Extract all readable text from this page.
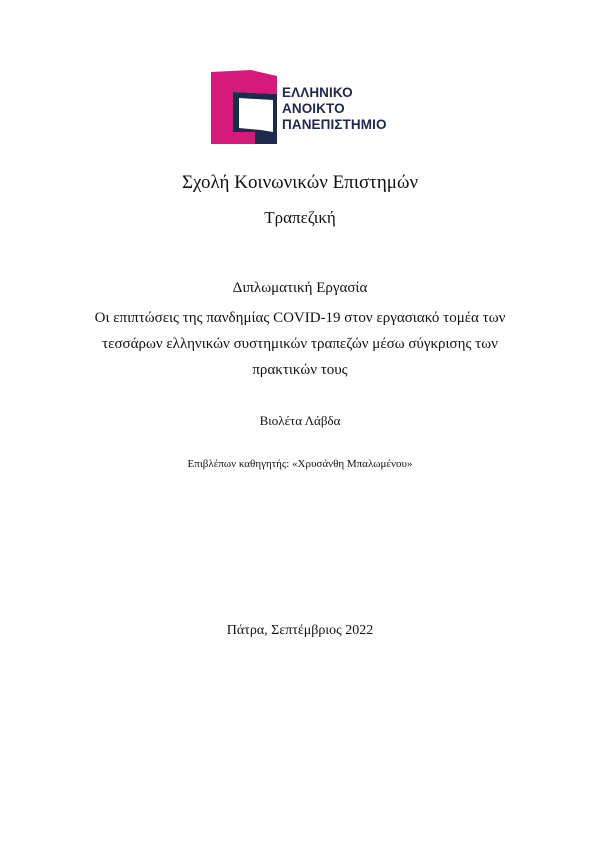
ΕΛΛΗΝΙΚΟ
ΑΝΟΙΚΤΟ
ΠΑΝΕΠΙΣΤΗΜΙΟ
Σχολή Κοινωνικών Επιστημών
Τραπεζική
Διπλωματική Εργασία
Οι επιπτώσεις της πανδημίας COVID-19 στον εργασιακό τομέα των τεσσάρων ελληνικών συστημικών τραπεζών μέσω σύγκρισης των πρακτικών τους
Βιολέτα Λάβδα
Επιβλέπων καθηγητής: «Χρυσάνθη Μπαλωμένου»
Πάτρα, Σεπτέμβριος 2022
